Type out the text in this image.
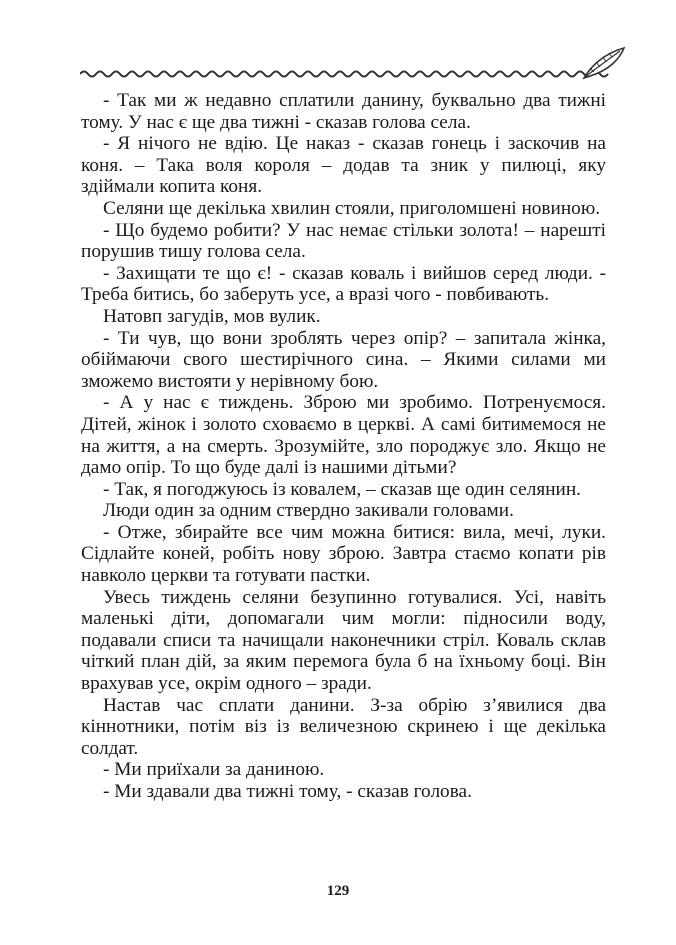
- Так ми ж недавно сплатили данину, буквально два тижні тому. У нас є ще два тижні - сказав голова села.

- Я нічого не вдію. Це наказ - сказав гонець і заскочив на коня. – Така воля короля – додав та зник у пилюці, яку здіймали копита коня.

Селяни ще декілька хвилин стояли, приголомшені новиною.

- Що будемо робити? У нас немає стільки золота! – нарешті порушив тишу голова села.

- Захищати те що є! - сказав коваль і вийшов серед люди. - Треба битись, бо заберуть усе, а вразі чого - повбивають.

Натовп загудів, мов вулик.

- Ти чув, що вони зроблять через опір? – запитала жінка, обіймаючи свого шестирічного сина. – Якими силами ми зможемо вистояти у нерівному бою.

- А у нас є тиждень. Зброю ми зробимо. Потренуємося. Дітей, жінок і золото сховаємо в церкві. А самі битимемося не на життя, а на смерть. Зрозумійте, зло породжує зло. Якщо не дамо опір. То що буде далі із нашими дітьми?

- Так, я погоджуюсь із ковалем, – сказав ще один селянин.

Люди один за одним ствердно закивали головами.

- Отже, збирайте все чим можна битися: вила, мечі, луки. Сідлайте коней, робіть нову зброю. Завтра стаємо копати рів навколо церкви та готувати пастки.

Увесь тиждень селяни безупинно готувалися. Усі, навіть маленькі діти, допомагали чим могли: підносили воду, подавали списи та начищали наконечники стріл. Коваль склав чіткий план дій, за яким перемога була б на їхньому боці. Він врахував усе, окрім одного – зради.

Настав час сплати данини. З-за обрію з’явилися два кіннотники, потім віз із величезною скринею і ще декілька солдат.

- Ми приїхали за даниною.

- Ми здавали два тижні тому, - сказав голова.

129
